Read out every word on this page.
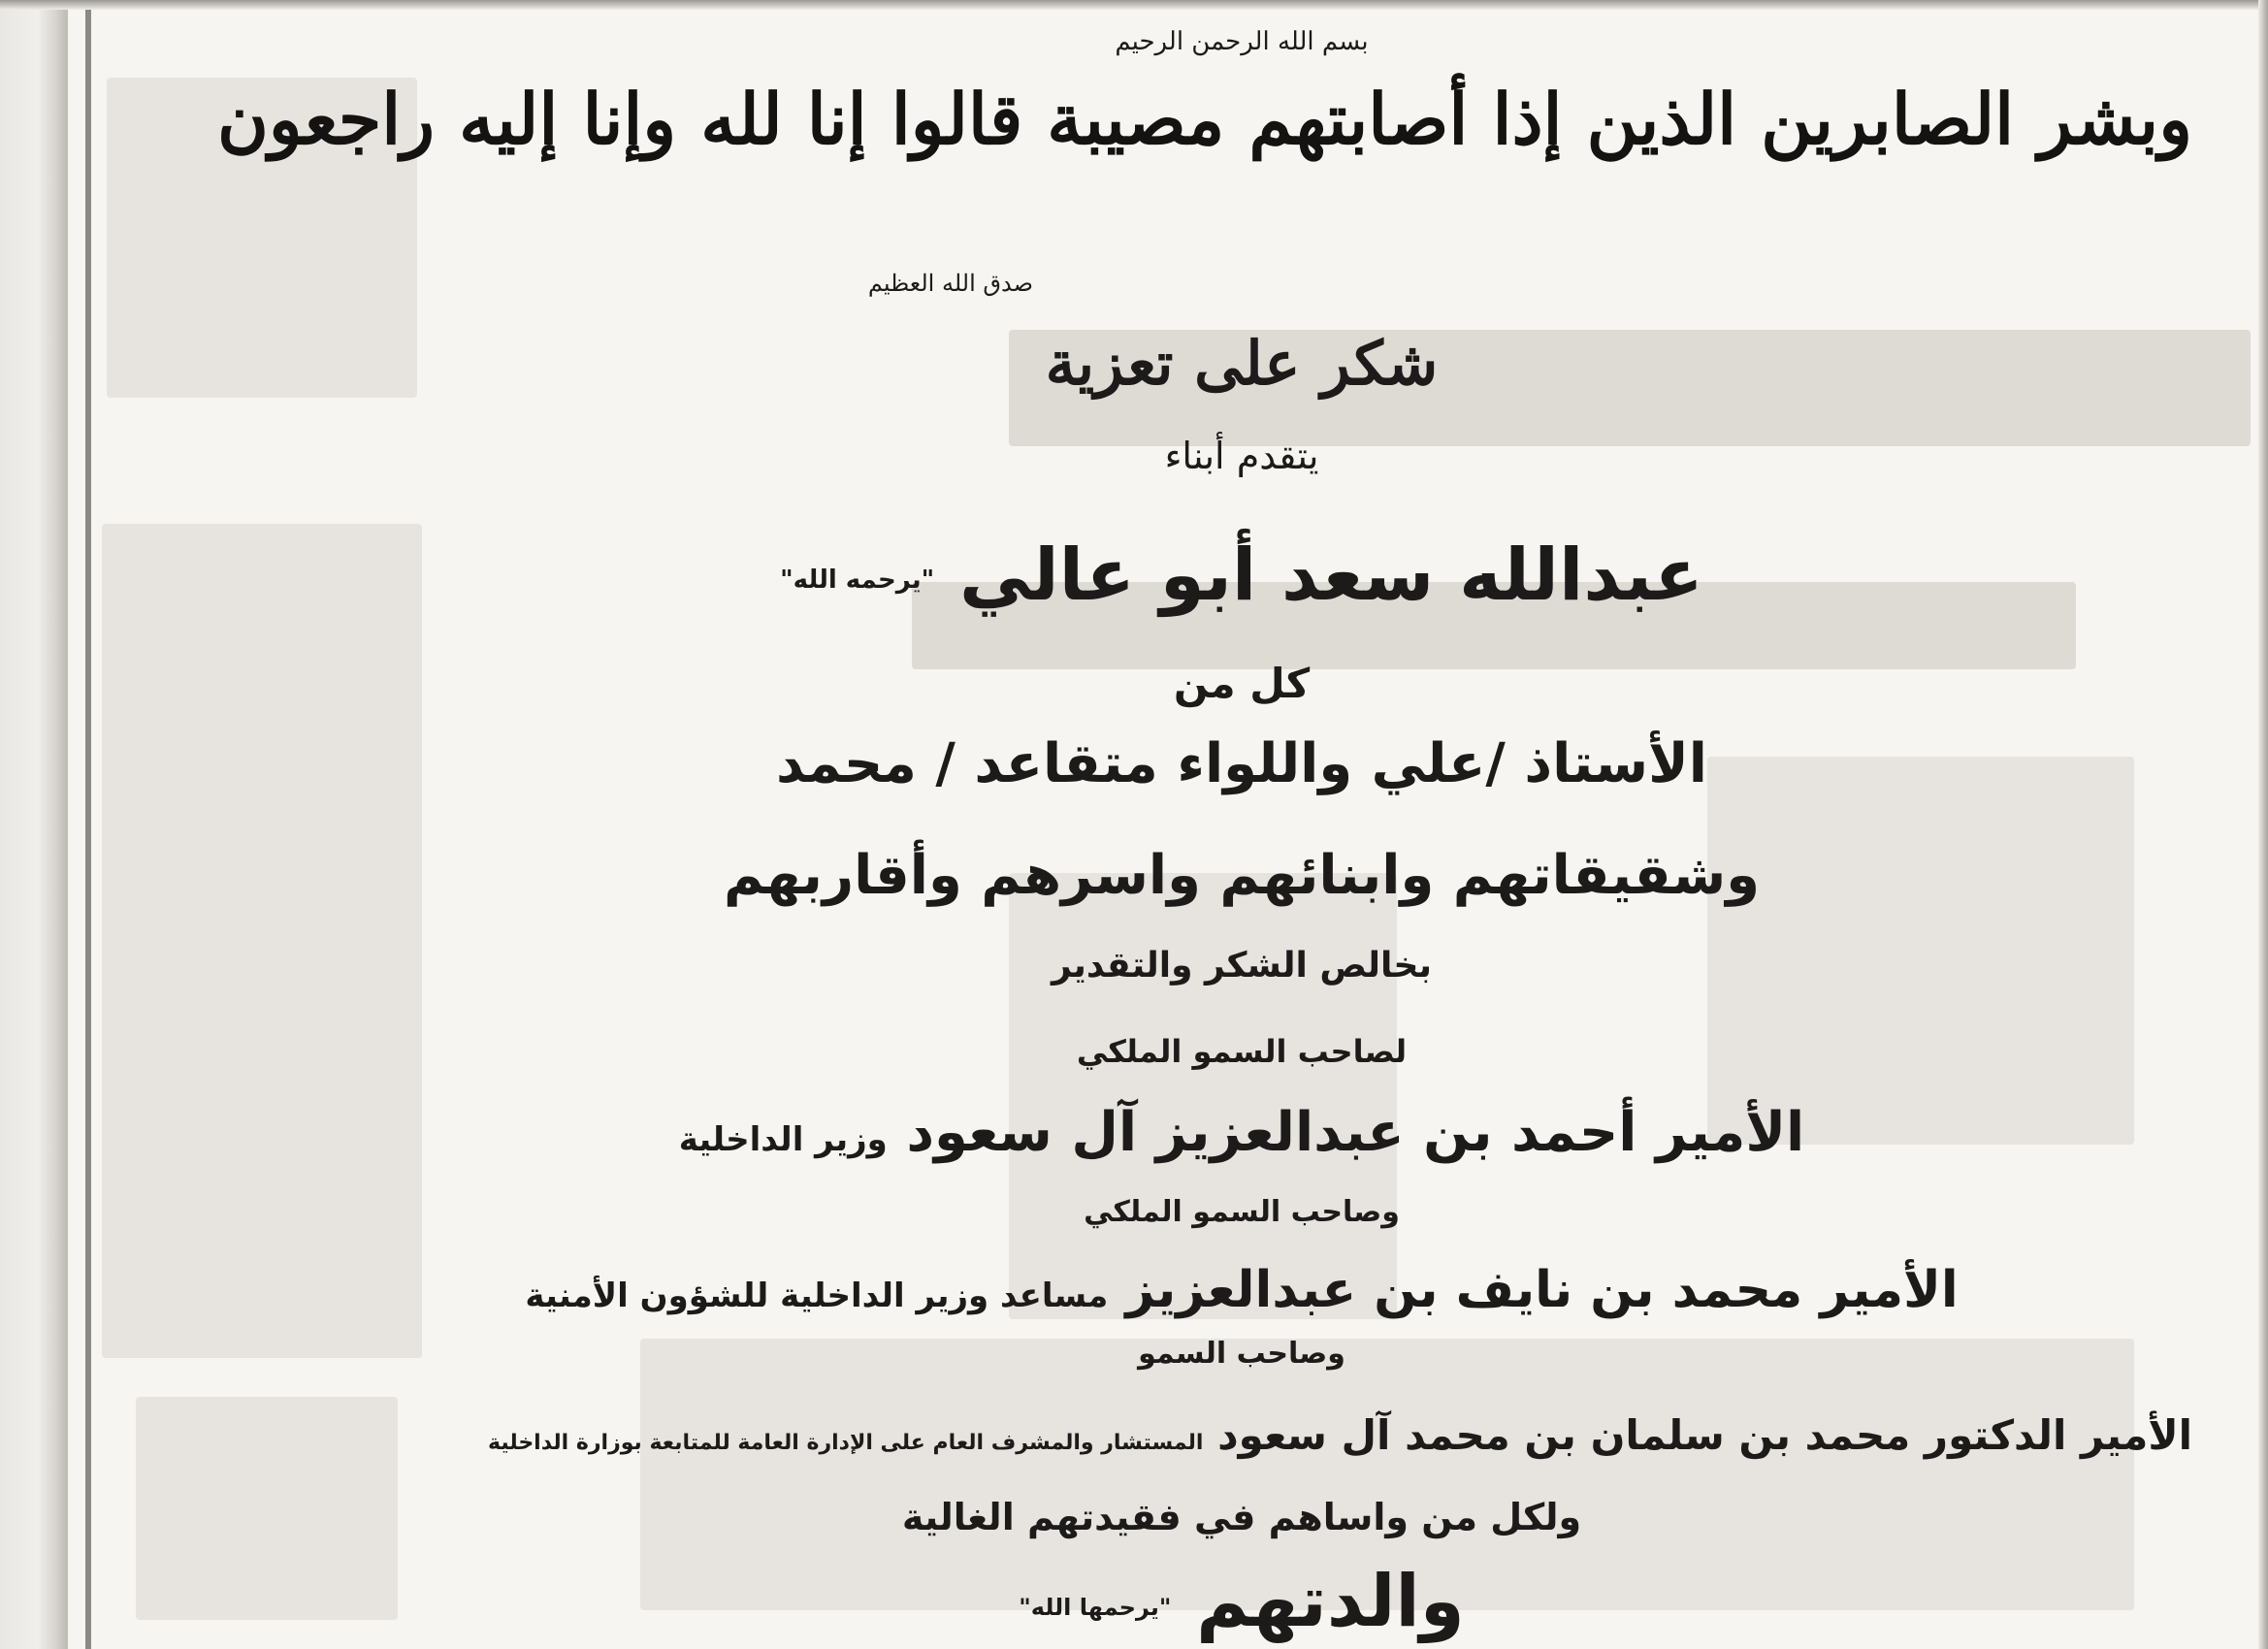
بسم الله الرحمن الرحيم
وبشر الصابرين الذين إذا أصابتهم مصيبة قالوا إنا لله وإنا إليه راجعون
صدق الله العظيم
شكر على تعزية
يتقدم أبناء
عبدالله سعد أبو عالي "يرحمه الله"
كل من
الأستاذ /علي واللواء متقاعد / محمد
وشقيقاتهم وابنائهم واسرهم وأقاربهم
بخالص الشكر والتقدير
لصاحب السمو الملكي
الأمير أحمد بن عبدالعزيز آل سعود وزير الداخلية
وصاحب السمو الملكي
الأمير محمد بن نايف بن عبدالعزيز مساعد وزير الداخلية للشؤون الأمنية
وصاحب السمو
الأمير الدكتور محمد بن سلمان بن محمد آل سعود المستشار والمشرف العام على الإدارة العامة للمتابعة بوزارة الداخلية
ولكل من واساهم في فقيدتهم الغالية
والدتهم "يرحمها الله"
